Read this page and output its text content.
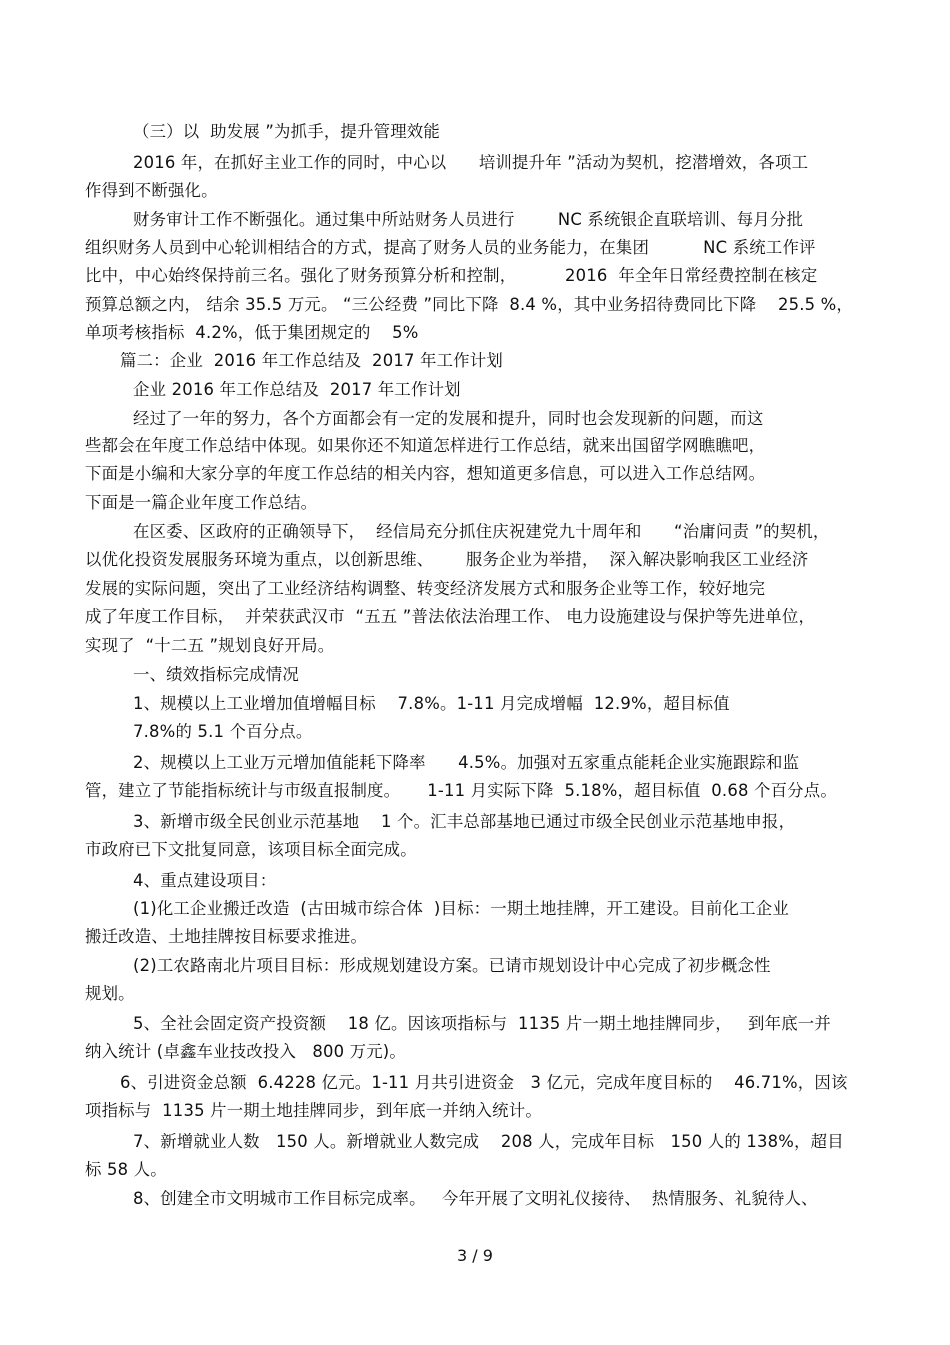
（三）以  助发展 ”为抓手，提升管理效能
2016 年，在抓好主业工作的同时，中心以      培训提升年 ”活动为契机，挖潜增效，各项工
作得到不断强化。
财务审计工作不断强化。通过集中所站财务人员进行        NC 系统银企直联培训、每月分批
组织财务人员到中心轮训相结合的方式，提高了财务人员的业务能力，在集团          NC 系统工作评
比中，中心始终保持前三名。强化了财务预算分析和控制，         2016  年全年日常经费控制在核定
预算总额之内， 结余 35.5 万元。 “三公经费 ”同比下降  8.4 %，其中业务招待费同比下降    25.5 %，
单项考核指标  4.2%，低于集团规定的    5%
篇二：企业  2016 年工作总结及  2017 年工作计划
企业 2016 年工作总结及  2017 年工作计划
经过了一年的努力，各个方面都会有一定的发展和提升，同时也会发现新的问题，而这
些都会在年度工作总结中体现。如果你还不知道怎样进行工作总结，就来出国留学网瞧瞧吧，
下面是小编和大家分享的年度工作总结的相关内容，想知道更多信息，可以进入工作总结网。
下面是一篇企业年度工作总结。
在区委、区政府的正确领导下，  经信局充分抓住庆祝建党九十周年和      “治庸问责 ”的契机，
以优化投资发展服务环境为重点，以创新思维、      服务企业为举措，  深入解决影响我区工业经济
发展的实际问题，突出了工业经济结构调整、转变经济发展方式和服务企业等工作，较好地完
成了年度工作目标，  并荣获武汉市  “五五 ”普法依法治理工作、 电力设施建设与保护等先进单位，
实现了  “十二五 ”规划良好开局。
一、绩效指标完成情况
1、规模以上工业增加值增幅目标    7.8%。1-11 月完成增幅  12.9%，超目标值
7.8%的 5.1 个百分点。
2、规模以上工业万元增加值能耗下降率      4.5%。加强对五家重点能耗企业实施跟踪和监
管，建立了节能指标统计与市级直报制度。     1-11 月实际下降  5.18%，超目标值  0.68 个百分点。
3、新增市级全民创业示范基地    1 个。汇丰总部基地已通过市级全民创业示范基地申报，
市政府已下文批复同意，该项目标全面完成。
4、重点建设项目：
(1)化工企业搬迁改造  (古田城市综合体  )目标：一期土地挂牌，开工建设。目前化工企业
搬迁改造、土地挂牌按目标要求推进。
(2)工农路南北片项目目标：形成规划建设方案。已请市规划设计中心完成了初步概念性
规划。
5、全社会固定资产投资额    18 亿。因该项指标与  1135 片一期土地挂牌同步，   到年底一并
纳入统计 (卓鑫车业技改投入   800 万元)。
6、引进资金总额  6.4228 亿元。1-11 月共引进资金   3 亿元，完成年度目标的    46.71%，因该
项指标与  1135 片一期土地挂牌同步，到年底一并纳入统计。
7、新增就业人数   150 人。新增就业人数完成    208 人，完成年目标   150 人的 138%，超目
标 58 人。
8、创建全市文明城市工作目标完成率。   今年开展了文明礼仪接待、  热情服务、礼貌待人、
3 / 9
